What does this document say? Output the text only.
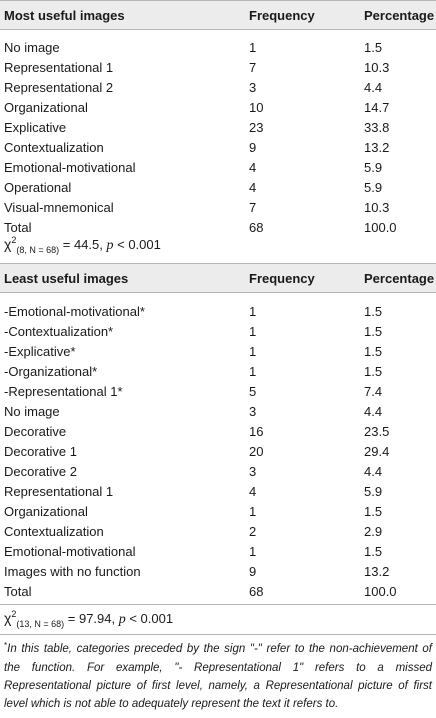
Most useful images	Frequency	Percentage
No image	1	1.5
Representational 1	7	10.3
Representational 2	3	4.4
Organizational	10	14.7
Explicative	23	33.8
Contextualization	9	13.2
Emotional-motivational	4	5.9
Operational	4	5.9
Visual-mnemonical	7	10.3
Total	68	100.0
$\chi^2_{(8, N = 68)} = 44.5$, p < 0.001
Least useful images	Frequency	Percentage
-Emotional-motivational*	1	1.5
-Contextualization*	1	1.5
-Explicative*	1	1.5
-Organizational*	1	1.5
-Representational 1*	5	7.4
No image	3	4.4
Decorative	16	23.5
Decorative 1	20	29.4
Decorative 2	3	4.4
Representational 1	4	5.9
Organizational	1	1.5
Contextualization	2	2.9
Emotional-motivational	1	1.5
Images with no function	9	13.2
Total	68	100.0
$\chi^2_{(13, N = 68)} = 97.94$, p < 0.001
*In this table, categories preceded by the sign "-" refer to the non-achievement of the function. For example, "- Representational 1" refers to a missed Representational picture of first level, namely, a Representational picture of first level which is not able to adequately represent the text it refers to.
